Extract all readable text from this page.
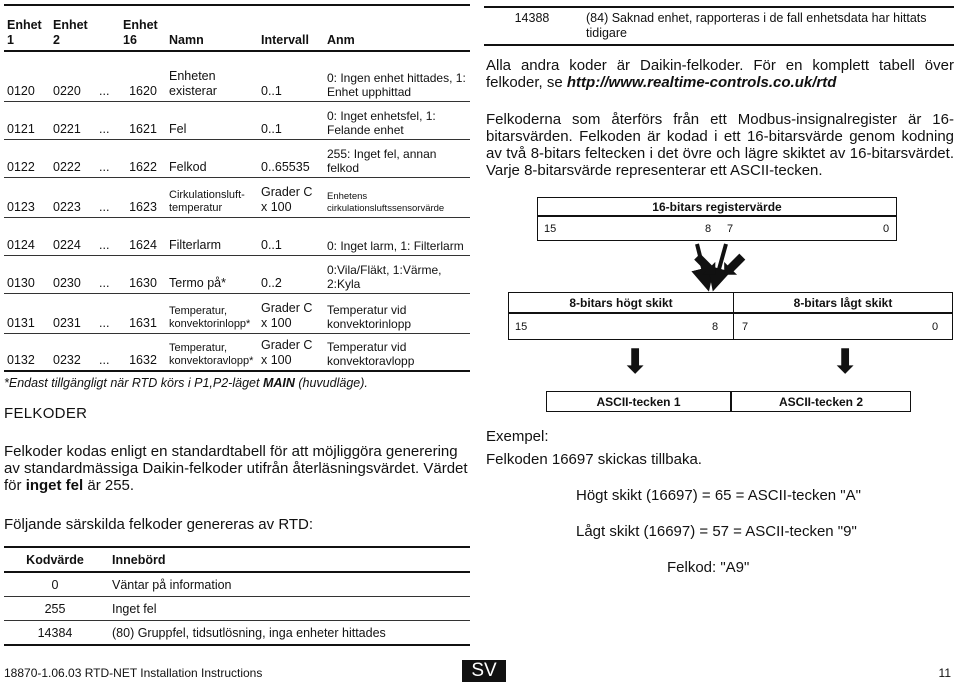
Enhet
1	Enhet
2		Enhet
16	Namn	Intervall	Anm
0120	0220	...	1620	Enheten existerar	0..1	0: Ingen enhet hittades, 1: Enhet upphittad
0121	0221	...	1621	Fel	0..1	0: Inget enhetsfel, 1: Felande enhet
0122	0222	...	1622	Felkod	0..65535	255: Inget fel, annan felkod
0123	0223	...	1623	Cirkulationsluft-temperatur	Grader C x 100	Enhetens cirkulationsluftssensorvärde
0124	0224	...	1624	Filterlarm	0..1	0: Inget larm, 1: Filterlarm
0130	0230	...	1630	Termo på*	0..2	0:Vila/Fläkt, 1:Värme, 2:Kyla
0131	0231	...	1631	Temperatur, konvektorinlopp*	Grader C x 100	Temperatur vid konvektorinlopp
0132	0232	...	1632	Temperatur, konvektoravlopp*	Grader C x 100	Temperatur vid konvektoravlopp
*Endast tillgängligt när RTD körs i P1,P2-läget MAIN (huvudläge).
FELKODER
Felkoder kodas enligt en standardtabell för att möjliggöra generering av standardmässiga Daikin-felkoder utifrån återläsningsvärdet. Värdet för inget fel är 255.
Följande särskilda felkoder genereras av RTD:
Kodvärde	Innebörd
0	Väntar på information
255	Inget fel
14384	(80) Gruppfel, tidsutlösning, inga enheter hittades
14388	(84) Saknad enhet, rapporteras i de fall enhetsdata har hittats tidigare
Alla andra koder är Daikin-felkoder. För en komplett tabell över felkoder, se http://www.realtime-controls.co.uk/rtd
Felkoderna som återförs från ett Modbus-insignalregister är 16-bitarsvärden. Felkoden är kodad i ett 16-bitarsvärde genom kodning av två 8-bitars feltecken i det övre och lägre skiktet av 16-bitarsvärdet. Varje 8-bitarsvärde representerar ett ASCII-tecken.
16-bitars registervärde
15	8 7	0
⬊ ⬋
8-bitars högt skikt	8-bitars lågt skikt
15	8 7	0
⬇	⬇
ASCII-tecken 1	ASCII-tecken 2
Exempel:
Felkoden 16697 skickas tillbaka.
Högt skikt (16697) = 65 = ASCII-tecken "A"
Lågt skikt (16697) = 57 = ASCII-tecken "9"
Felkod: "A9"
18870-1.06.03 RTD-NET Installation Instructions	SV	11
